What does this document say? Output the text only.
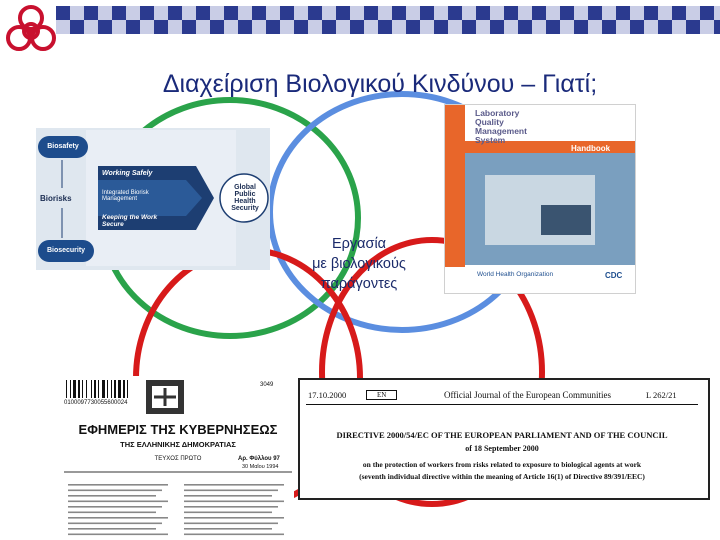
Διαχείριση Βιολογικού Κινδύνου – Γιατί;
Biosafety
Biorisks
Biosecurity
Working Safely
Integrated Biorisk Management
Keeping the Work Secure
Global Public Health Security
Laboratory
Quality
Management
System
Handbook
World Health Organization	CDC
Εργασία
με βιολογικούς
παράγοντες
0100097730055600024
3049
ΕΦΗΜΕΡΙΣ ΤΗΣ ΚΥΒΕΡΝΗΣΕΩΣ
ΤΗΣ ΕΛΛΗΝΙΚΗΣ ΔΗΜΟΚΡΑΤΙΑΣ
ΤΕΥΧΟΣ ΠΡΩΤΟ	Αρ. Φύλλου 97
30 Μαΐου 1994
17.10.2000	EN	Official Journal of the European Communities	L 262/21
DIRECTIVE 2000/54/EC OF THE EUROPEAN PARLIAMENT AND OF THE COUNCIL
of 18 September 2000
on the protection of workers from risks related to exposure to biological agents at work
(seventh individual directive within the meaning of Article 16(1) of Directive 89/391/EEC)
